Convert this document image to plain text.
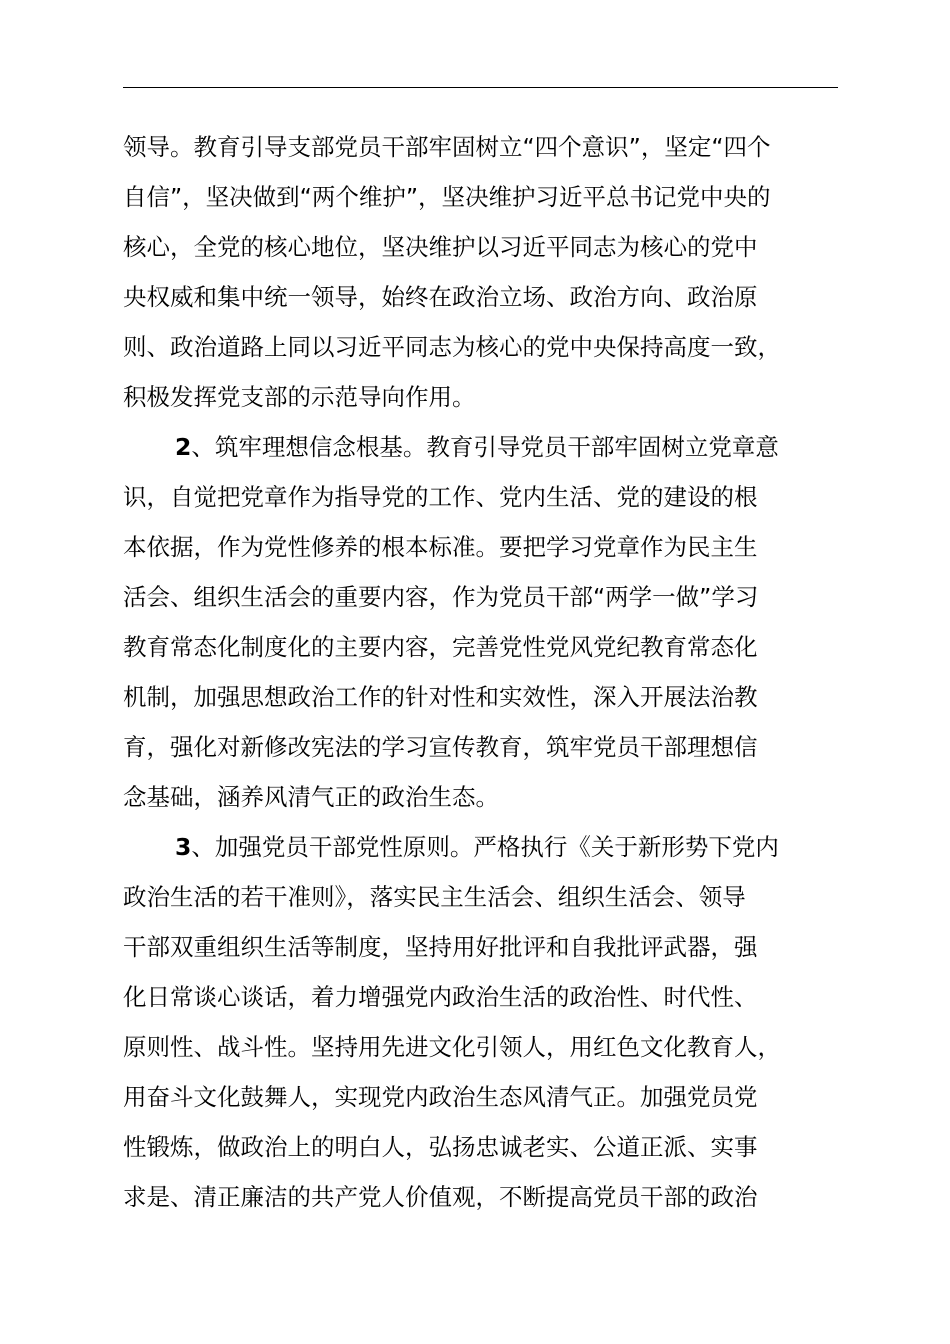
领导。教育引导支部党员干部牢固树立“四个意识”，坚定“四个
自信”，坚决做到“两个维护”，坚决维护习近平总书记党中央的
核心，全党的核心地位，坚决维护以习近平同志为核心的党中
央权威和集中统一领导，始终在政治立场、政治方向、政治原
则、政治道路上同以习近平同志为核心的党中央保持高度一致，
积极发挥党支部的示范导向作用。
2、筑牢理想信念根基。教育引导党员干部牢固树立党章意
识，自觉把党章作为指导党的工作、党内生活、党的建设的根
本依据，作为党性修养的根本标准。要把学习党章作为民主生
活会、组织生活会的重要内容，作为党员干部“两学一做”学习
教育常态化制度化的主要内容，完善党性党风党纪教育常态化
机制，加强思想政治工作的针对性和实效性，深入开展法治教
育，强化对新修改宪法的学习宣传教育，筑牢党员干部理想信
念基础，涵养风清气正的政治生态。
3、加强党员干部党性原则。严格执行《关于新形势下党内
政治生活的若干准则》，落实民主生活会、组织生活会、领导
干部双重组织生活等制度，坚持用好批评和自我批评武器，强
化日常谈心谈话，着力增强党内政治生活的政治性、时代性、
原则性、战斗性。坚持用先进文化引领人，用红色文化教育人，
用奋斗文化鼓舞人，实现党内政治生态风清气正。加强党员党
性锻炼，做政治上的明白人，弘扬忠诚老实、公道正派、实事
求是、清正廉洁的共产党人价值观，不断提高党员干部的政治
